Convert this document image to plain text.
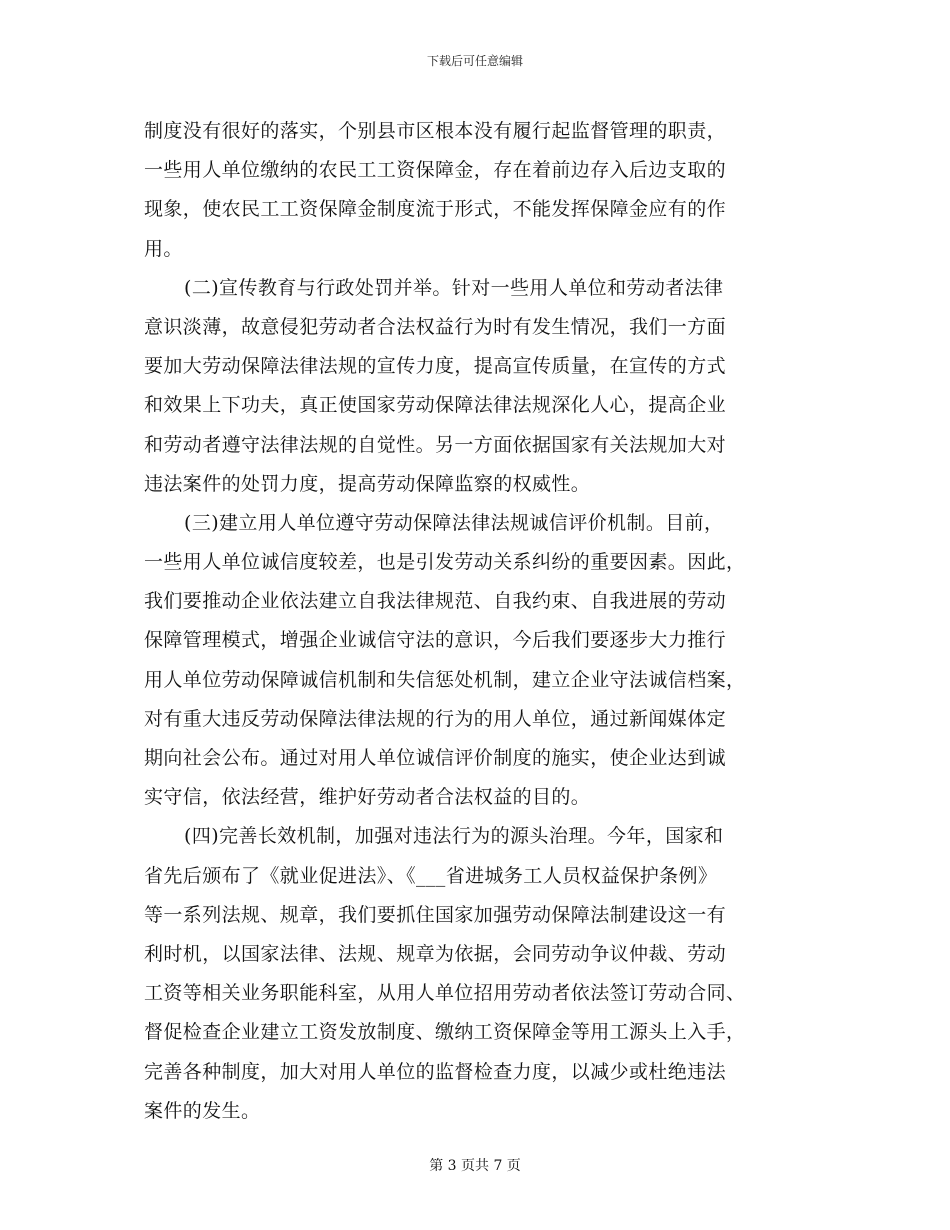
下载后可任意编辑
制度没有很好的落实，个别县市区根本没有履行起监督管理的职责，
一些用人单位缴纳的农民工工资保障金，存在着前边存入后边支取的
现象，使农民工工资保障金制度流于形式，不能发挥保障金应有的作
用。
(二)宣传教育与行政处罚并举。针对一些用人单位和劳动者法律
意识淡薄，故意侵犯劳动者合法权益行为时有发生情况，我们一方面
要加大劳动保障法律法规的宣传力度，提高宣传质量，在宣传的方式
和效果上下功夫，真正使国家劳动保障法律法规深化人心，提高企业
和劳动者遵守法律法规的自觉性。另一方面依据国家有关法规加大对
违法案件的处罚力度，提高劳动保障监察的权威性。
(三)建立用人单位遵守劳动保障法律法规诚信评价机制。目前，
一些用人单位诚信度较差，也是引发劳动关系纠纷的重要因素。因此，
我们要推动企业依法建立自我法律规范、自我约束、自我进展的劳动
保障管理模式，增强企业诚信守法的意识，今后我们要逐步大力推行
用人单位劳动保障诚信机制和失信惩处机制，建立企业守法诚信档案，
对有重大违反劳动保障法律法规的行为的用人单位，通过新闻媒体定
期向社会公布。通过对用人单位诚信评价制度的施实，使企业达到诚
实守信，依法经营，维护好劳动者合法权益的目的。
(四)完善长效机制，加强对违法行为的源头治理。今年，国家和
省先后颁布了《就业促进法》、《___省进城务工人员权益保护条例》
等一系列法规、规章，我们要抓住国家加强劳动保障法制建设这一有
利时机，以国家法律、法规、规章为依据，会同劳动争议仲裁、劳动
工资等相关业务职能科室，从用人单位招用劳动者依法签订劳动合同、
督促检查企业建立工资发放制度、缴纳工资保障金等用工源头上入手，
完善各种制度，加大对用人单位的监督检查力度，以减少或杜绝违法
案件的发生。
第 3 页共 7 页
